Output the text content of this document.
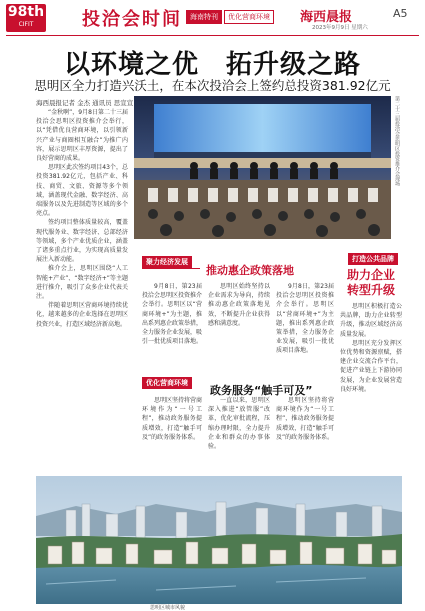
98th
CIFIT	投洽会时间	海南特刊	优化营商环境	海西晨报	A5
2023年9月9日 星期六
以环境之优　拓升级之路
思明区全力打造兴沃土，在本次投洽会上签约总投资381.92亿元
海西晨报记者 金杰 通讯员 思宣宣

“金秋啊”，9月8日第二十三届投洽会思明区投资推介会举行，以“凭借优良营商环境，以引领新兴产业与商圈相互融合”为推广内容，展示思明区丰厚资源，提出了良好营商的成果。

思明区此次签约项目43个，总投资381.92亿元，包括产业、科技、商贸、文旅、资源等多个领域，涵盖现代金融、数字经济、高端服务以及先进制造等区域的多个亮点。

签约项目整体质量较高，覆盖现代服务业、数字经济、总部经济等领域，多个产业优质企业，涵盖了诸多重点行业，为实现高质量发展注入新动能。

推介会上，思明区围绕“人工智能+产业”、“数字经济+”等主题进行推介，吸引了众多企业代表关注。

伴随着思明区营商环境持续优化，越来越多的企业选择在思明区投资兴业，打造区域经济新高地。

第二十三届投洽会思明区投资推介会现场
聚力经济发展
推动惠企政策落地

9月8日，第23届投洽会思明区投资推介会举行。思明区以“营商环境+”为主题，推出系列惠企政策举措，全力服务企业发展，吸引一批优质项目落地。

思明区始终坚持以企业需求为导向，持续推动惠企政策落地见效，不断提升企业获得感和满意度。

9月8日，第23届投洽会思明区投资推介会举行。思明区以“营商环境+”为主题，推出系列惠企政策举措，全力服务企业发展，吸引一批优质项目落地。

优化营商环境
政务服务“触手可及”

思明区坚持将营商环境作为“一号工程”，推动政务服务提质增效，打造“触手可及”的政务服务体系。

一直以来，思明区深入推进“放管服”改革，优化审批流程，压缩办理时限，全力提升企业和群众的办事体验。

思明区坚持将营商环境作为“一号工程”，推动政务服务提质增效，打造“触手可及”的政务服务体系。

打造公共品牌
助力企业
转型升级

思明区积极打造公共品牌，助力企业转型升级，推动区域经济高质量发展。

思明区充分发挥区位优势和资源禀赋，搭建企业交流合作平台，促进产业链上下游协同发展，为企业发展营造良好环境。

思明区城市风貌
